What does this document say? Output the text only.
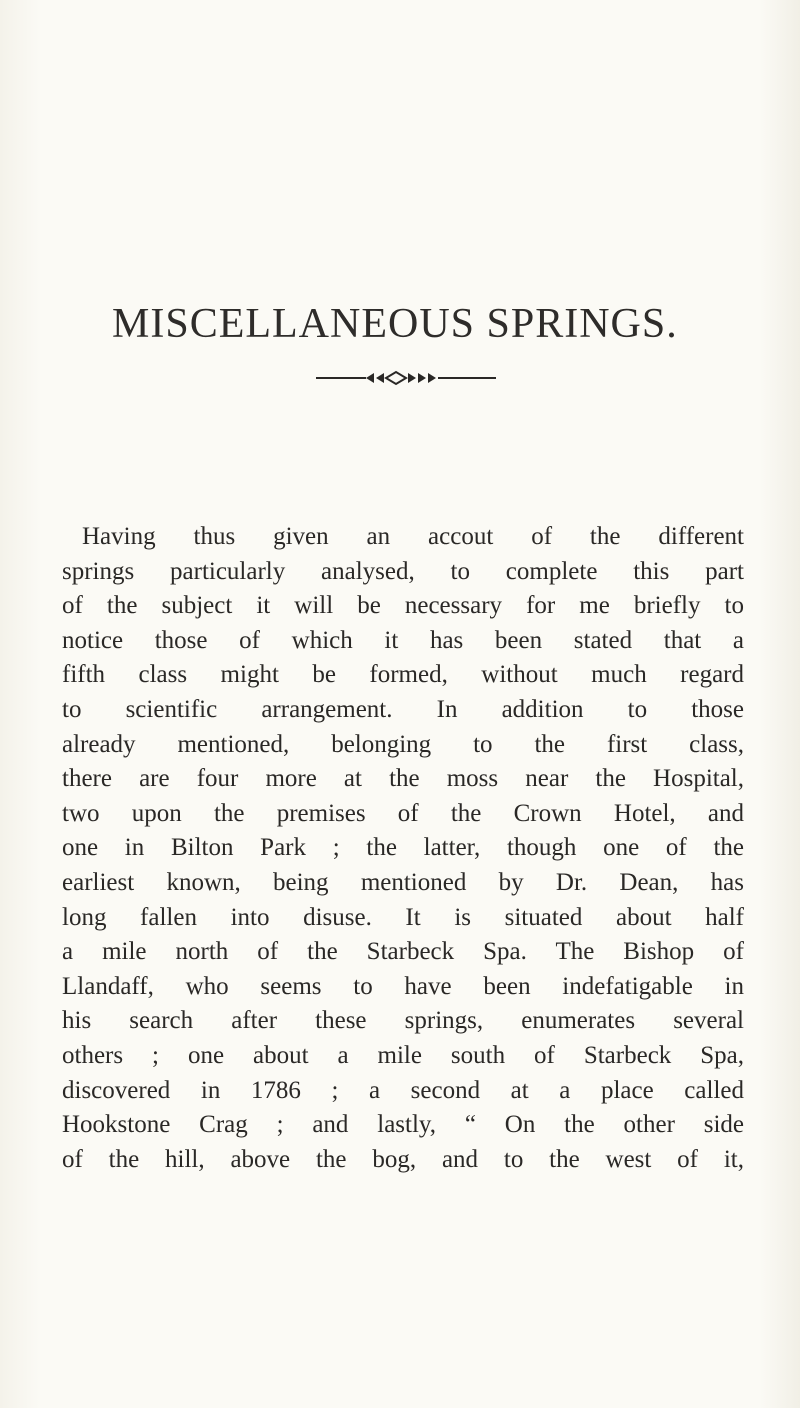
MISCELLANEOUS SPRINGS.
Having thus given an accout of the different
springs particularly analysed, to complete this part
of the subject it will be necessary for me briefly to
notice those of which it has been stated that a
fifth class might be formed, without much regard
to scientific arrangement. In addition to those
already mentioned, belonging to the first class,
there are four more at the moss near the Hospital,
two upon the premises of the Crown Hotel, and
one in Bilton Park ; the latter, though one of the
earliest known, being mentioned by Dr. Dean, has
long fallen into disuse. It is situated about half
a mile north of the Starbeck Spa. The Bishop of
Llandaff, who seems to have been indefatigable in
his search after these springs, enumerates several
others ; one about a mile south of Starbeck Spa,
discovered in 1786 ; a second at a place called
Hookstone Crag ; and lastly, “ On the other side
of the hill, above the bog, and to the west of it,
